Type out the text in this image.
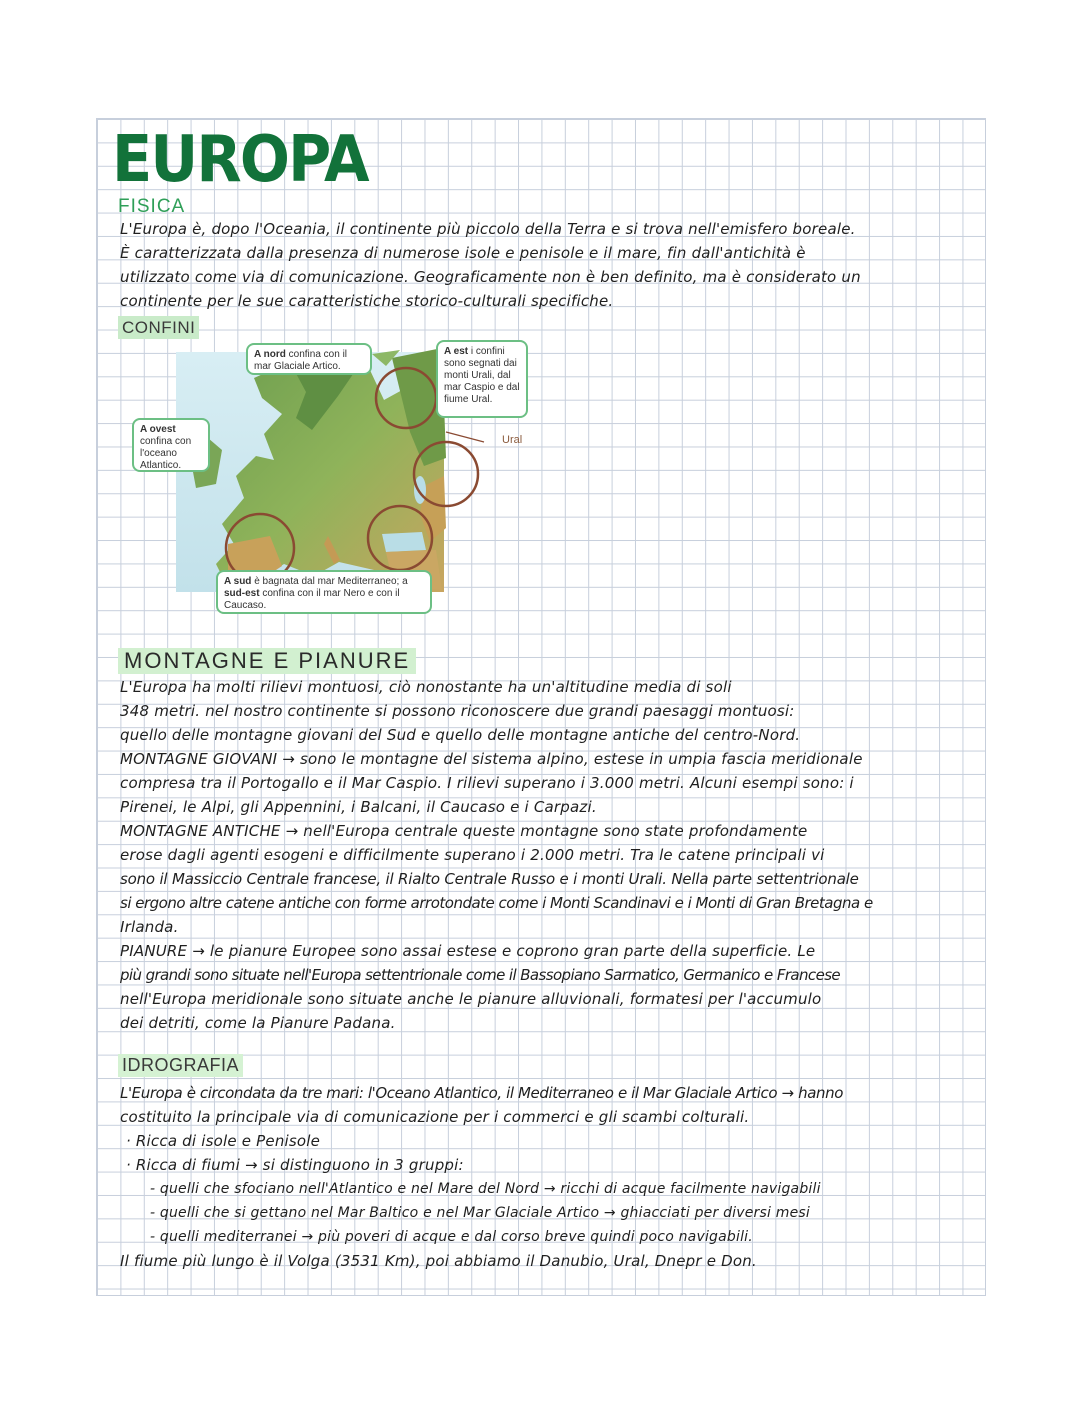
EUROPA
FISICA
L'Europa è, dopo l'Oceania, il continente più piccolo della Terra e si trova nell'emisfero boreale.
È caratterizzata dalla presenza di numerose isole e penisole e il mare, fin dall'antichità è
utilizzato come via di comunicazione. Geograficamente non è ben definito, ma è considerato un
continente per le sue caratteristiche storico-culturali specifiche.
CONFINI
A nord confina con il mar Glaciale Artico.
A est i confini sono segnati dai monti Urali, dal mar Caspio e dal fiume Ural.
A ovest confina con l'oceano Atlantico.
A sud è bagnata dal mar Mediterraneo; a sud-est confina con il mar Nero e con il Caucaso.
Ural
MONTAGNE E PIANURE
L'Europa ha molti rilievi montuosi, ciò nonostante ha un'altitudine media di soli
348 metri. nel nostro continente si possono riconoscere due grandi paesaggi montuosi:
quello delle montagne giovani del Sud e quello delle montagne antiche del centro-Nord.
MONTAGNE GIOVANI → sono le montagne del sistema alpino, estese in umpia fascia meridionale
compresa tra il Portogallo e il Mar Caspio. I rilievi superano i 3.000 metri. Alcuni esempi sono: i
Pirenei, le Alpi, gli Appennini, i Balcani, il Caucaso e i Carpazi.
MONTAGNE ANTICHE → nell'Europa centrale queste montagne sono state profondamente
erose dagli agenti esogeni e difficilmente superano i 2.000 metri. Tra le catene principali vi
sono il Massiccio Centrale francese, il Rialto Centrale Russo e i monti Urali. Nella parte settentrionale
si ergono altre catene antiche con forme arrotondate come i Monti Scandinavi e i Monti di Gran Bretagna e
Irlanda.
PIANURE → le pianure Europee sono assai estese e coprono gran parte della superficie. Le
più grandi sono situate nell'Europa settentrionale come il Bassopiano Sarmatico, Germanico e Francese
nell'Europa meridionale sono situate anche le pianure alluvionali, formatesi per l'accumulo
dei detriti, come la Pianure Padana.
IDROGRAFIA
L'Europa è circondata da tre mari: l'Oceano Atlantico, il Mediterraneo e il Mar Glaciale Artico → hanno
costituito la principale via di comunicazione per i commerci e gli scambi colturali.
· Ricca di isole e Penisole
· Ricca di fiumi → si distinguono in 3 gruppi:
- quelli che sfociano nell'Atlantico e nel Mare del Nord → ricchi di acque facilmente navigabili
- quelli che si gettano nel Mar Baltico e nel Mar Glaciale Artico → ghiacciati per diversi mesi
- quelli mediterranei → più poveri di acque e dal corso breve quindi poco navigabili.
Il fiume più lungo è il Volga (3531 Km), poi abbiamo il Danubio, Ural, Dnepr e Don.
